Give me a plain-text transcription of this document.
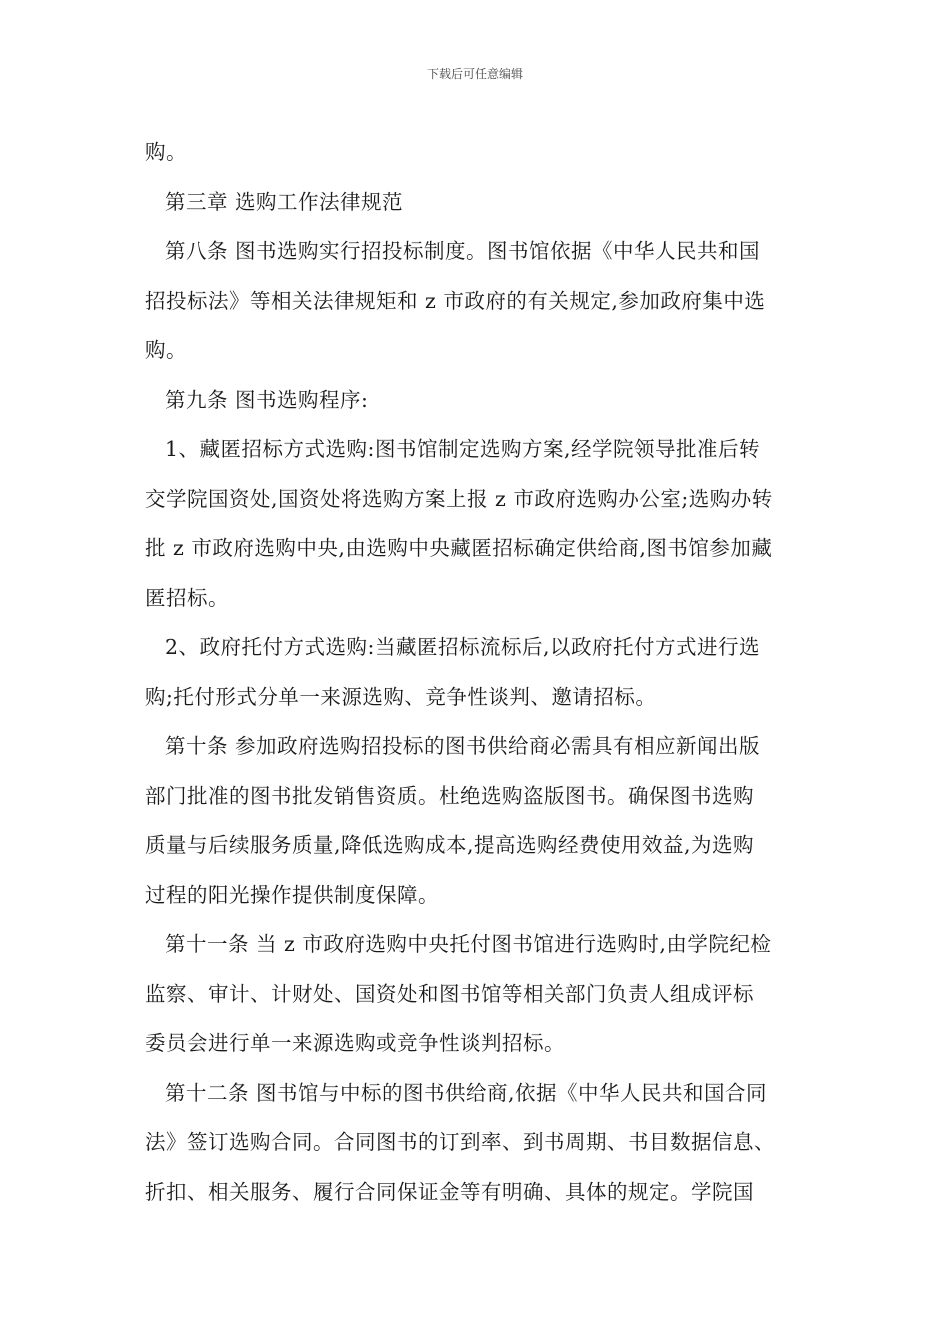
下载后可任意编辑
购。
第三章 选购工作法律规范
第八条 图书选购实行招投标制度。图书馆依据《中华人民共和国
招投标法》等相关法律规矩和 z 市政府的有关规定,参加政府集中选
购。
第九条 图书选购程序:
1、藏匿招标方式选购:图书馆制定选购方案,经学院领导批准后转
交学院国资处,国资处将选购方案上报 z 市政府选购办公室;选购办转
批 z 市政府选购中央,由选购中央藏匿招标确定供给商,图书馆参加藏
匿招标。
2、政府托付方式选购:当藏匿招标流标后,以政府托付方式进行选
购;托付形式分单一来源选购、竞争性谈判、邀请招标。
第十条 参加政府选购招投标的图书供给商必需具有相应新闻出版
部门批准的图书批发销售资质。杜绝选购盗版图书。确保图书选购
质量与后续服务质量,降低选购成本,提高选购经费使用效益,为选购
过程的阳光操作提供制度保障。
第十一条 当 z 市政府选购中央托付图书馆进行选购时,由学院纪检
监察、审计、计财处、国资处和图书馆等相关部门负责人组成评标
委员会进行单一来源选购或竞争性谈判招标。
第十二条 图书馆与中标的图书供给商,依据《中华人民共和国合同
法》签订选购合同。合同图书的订到率、到书周期、书目数据信息、
折扣、相关服务、履行合同保证金等有明确、具体的规定。学院国
